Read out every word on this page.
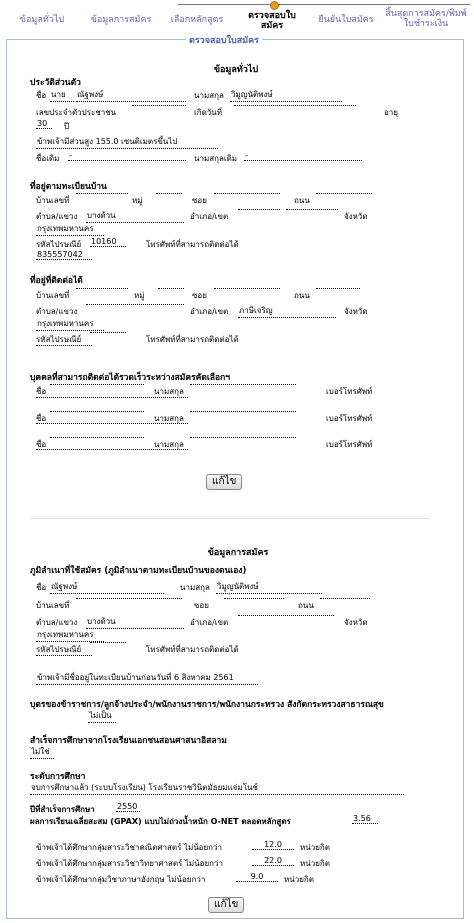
ข้อมูลทั่วไป	ข้อมูลการสมัคร	เลือกหลักสูตร	ตรวจสอบใบสมัคร
ยืนยันใบสมัคร
สิ้นสุดการสมัคร/พิมพ์ใบชำระเงิน
ตรวจสอบใบสมัคร
ข้อมูลทั่วไป
ประวัติส่วนตัว
ชื่อ นาย	ณัฐพงษ์	นามสกุล วิมูญนัติพงษ์
เลขประจำตัวประชาชน	เกิดวันที่	อายุ
30	ปี
ข้าพเจ้ามีส่วนสูง 155.0 เซนติเมตรขึ้นไป
ชื่อเดิม -	นามสกุลเดิม -
ที่อยู่ตามทะเบียนบ้าน
บ้านเลขที่	หมู่	ซอย	ถนน
ตำบล/แขวง บางด้วน	อำเภอ/เขต	จังหวัด
กรุงเทพมหานคร
รหัสไปรษณีย์ 10160	โทรศัพท์ที่สามารถติดต่อได้
835557042
ที่อยู่ที่ติดต่อได้
บ้านเลขที่	หมู่	ซอย	ถนน
ตำบล/แขวง	อำเภอ/เขต ภาษีเจริญ	จังหวัด
กรุงเทพมหานคร
รหัสไปรษณีย์	โทรศัพท์ที่สามารถติดต่อได้
บุคคลที่สามารถติดต่อได้รวดเร็วระหว่างสมัครคัดเลือกฯ
ชื่อ	นามสกุล	เบอร์โทรศัพท์
ชื่อ	นามสกุล	เบอร์โทรศัพท์
ชื่อ	นามสกุล	เบอร์โทรศัพท์
แก้ไข
ข้อมูลการสมัคร
ภูมิลำเนาที่ใช้สมัคร (ภูมิลำเนาตามทะเบียนบ้านของตนเอง)
ชื่อ ณัฐพงษ์	นามสกุล วิมูญนัติพงษ์
บ้านเลขที่	ซอย	ถนน
ตำบล/แขวง บางด้วน	อำเภอ/เขต	จังหวัด
กรุงเทพมหานคร
รหัสไปรษณีย์	โทรศัพท์ที่สามารถติดต่อได้
ข้าพเจ้ามีชื่ออยู่ในทะเบียนบ้านก่อนวันที่ 6 สิงหาคม 2561
บุตรของข้าราชการ/ลูกจ้างประจำ/พนักงานราชการ/พนักงานกระทรวง สังกัดกระทรวงสาธารณสุข
ไม่เป็น
สำเร็จการศึกษาจากโรงเรียนเอกชนสอนศาสนาอิสลาม
ไม่ใช่
ระดับการศึกษา
จบการศึกษาแล้ว (ระบบโรงเรียน) โรงเรียนราชวินิตมัธยมแจ่มโนช์
ปีที่สำเร็จการศึกษา	2550
ผลการเรียนเฉลี่ยสะสม (GPAX) แบบไม่ถ่วงน้ำหนัก O-NET ตลอดหลักสูตร	3.56
ข้าพเจ้าได้ศึกษากลุ่มสาระวิชาคณิตศาสตร์ ไม่น้อยกว่า	12.0	หน่วยกิต
ข้าพเจ้าได้ศึกษากลุ่มสาระวิชาวิทยาศาสตร์ ไม่น้อยกว่า	22.0	หน่วยกิต
ข้าพเจ้าได้ศึกษากลุ่มวิชาภาษาอังกฤษ ไม่น้อยกว่า	9.0	หน่วยกิต
แก้ไข
